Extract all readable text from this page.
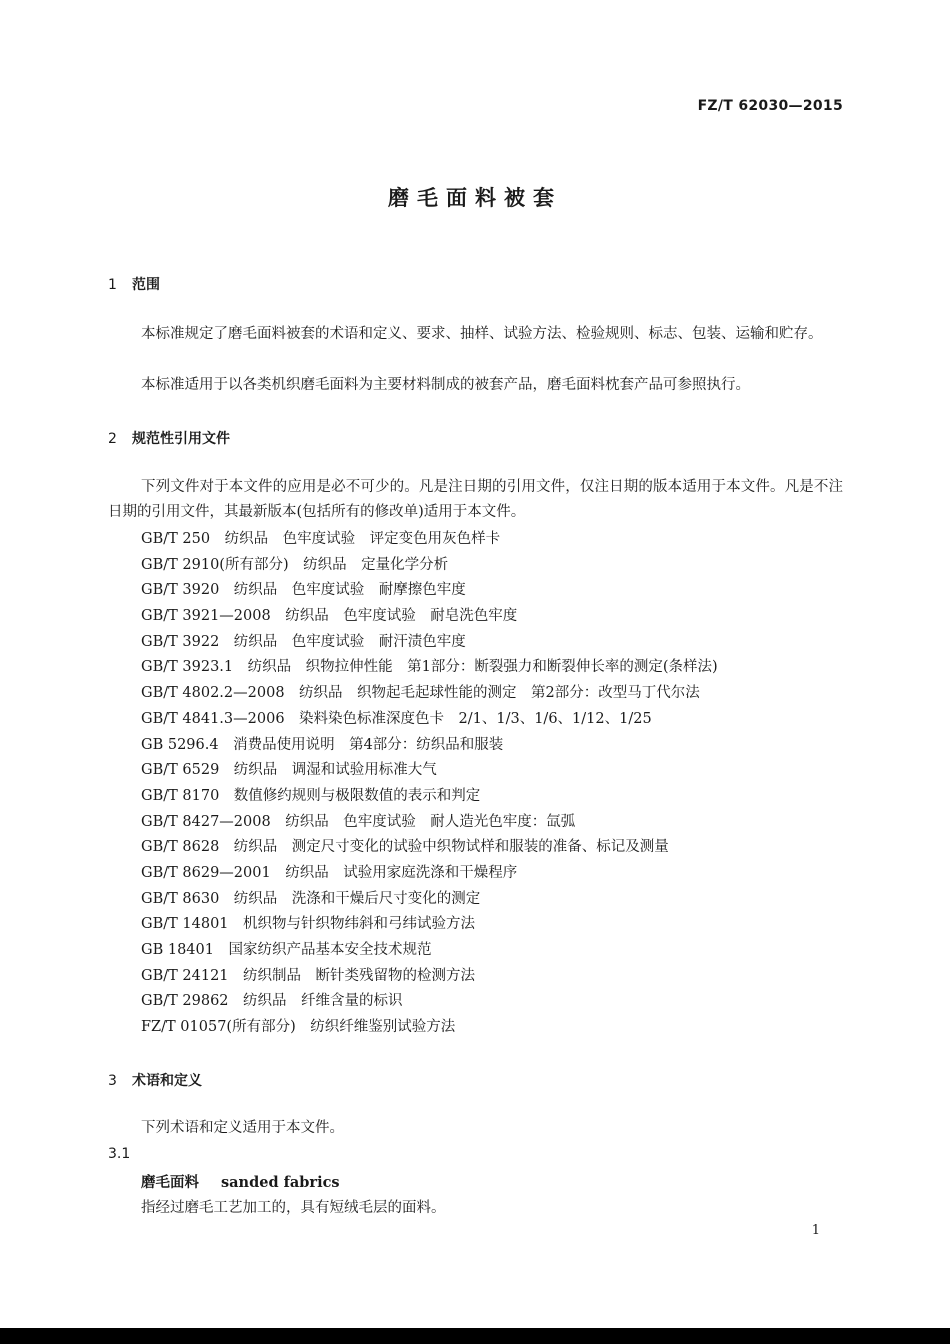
FZ/T 62030—2015
磨毛面料被套
1 范围
本标准规定了磨毛面料被套的术语和定义、要求、抽样、试验方法、检验规则、标志、包装、运输和贮存。
本标准适用于以各类机织磨毛面料为主要材料制成的被套产品，磨毛面料枕套产品可参照执行。
2 规范性引用文件
下列文件对于本文件的应用是必不可少的。凡是注日期的引用文件，仅注日期的版本适用于本文件。凡是不注日期的引用文件，其最新版本(包括所有的修改单)适用于本文件。
GB/T 250　纺织品　色牢度试验　评定变色用灰色样卡
GB/T 2910(所有部分)　纺织品　定量化学分析
GB/T 3920　纺织品　色牢度试验　耐摩擦色牢度
GB/T 3921—2008　纺织品　色牢度试验　耐皂洗色牢度
GB/T 3922　纺织品　色牢度试验　耐汗渍色牢度
GB/T 3923.1　纺织品　织物拉伸性能　第1部分：断裂强力和断裂伸长率的测定(条样法)
GB/T 4802.2—2008　纺织品　织物起毛起球性能的测定　第2部分：改型马丁代尔法
GB/T 4841.3—2006　染料染色标准深度色卡　2/1、1/3、1/6、1/12、1/25
GB 5296.4　消费品使用说明　第4部分：纺织品和服装
GB/T 6529　纺织品　调湿和试验用标准大气
GB/T 8170　数值修约规则与极限数值的表示和判定
GB/T 8427—2008　纺织品　色牢度试验　耐人造光色牢度：氙弧
GB/T 8628　纺织品　测定尺寸变化的试验中织物试样和服装的准备、标记及测量
GB/T 8629—2001　纺织品　试验用家庭洗涤和干燥程序
GB/T 8630　纺织品　洗涤和干燥后尺寸变化的测定
GB/T 14801　机织物与针织物纬斜和弓纬试验方法
GB 18401　国家纺织产品基本安全技术规范
GB/T 24121　纺织制品　断针类残留物的检测方法
GB/T 29862　纺织品　纤维含量的标识
FZ/T 01057(所有部分)　纺织纤维鉴别试验方法
3 术语和定义
下列术语和定义适用于本文件。
3.1
磨毛面料 sanded fabrics
指经过磨毛工艺加工的，具有短绒毛层的面料。
1
